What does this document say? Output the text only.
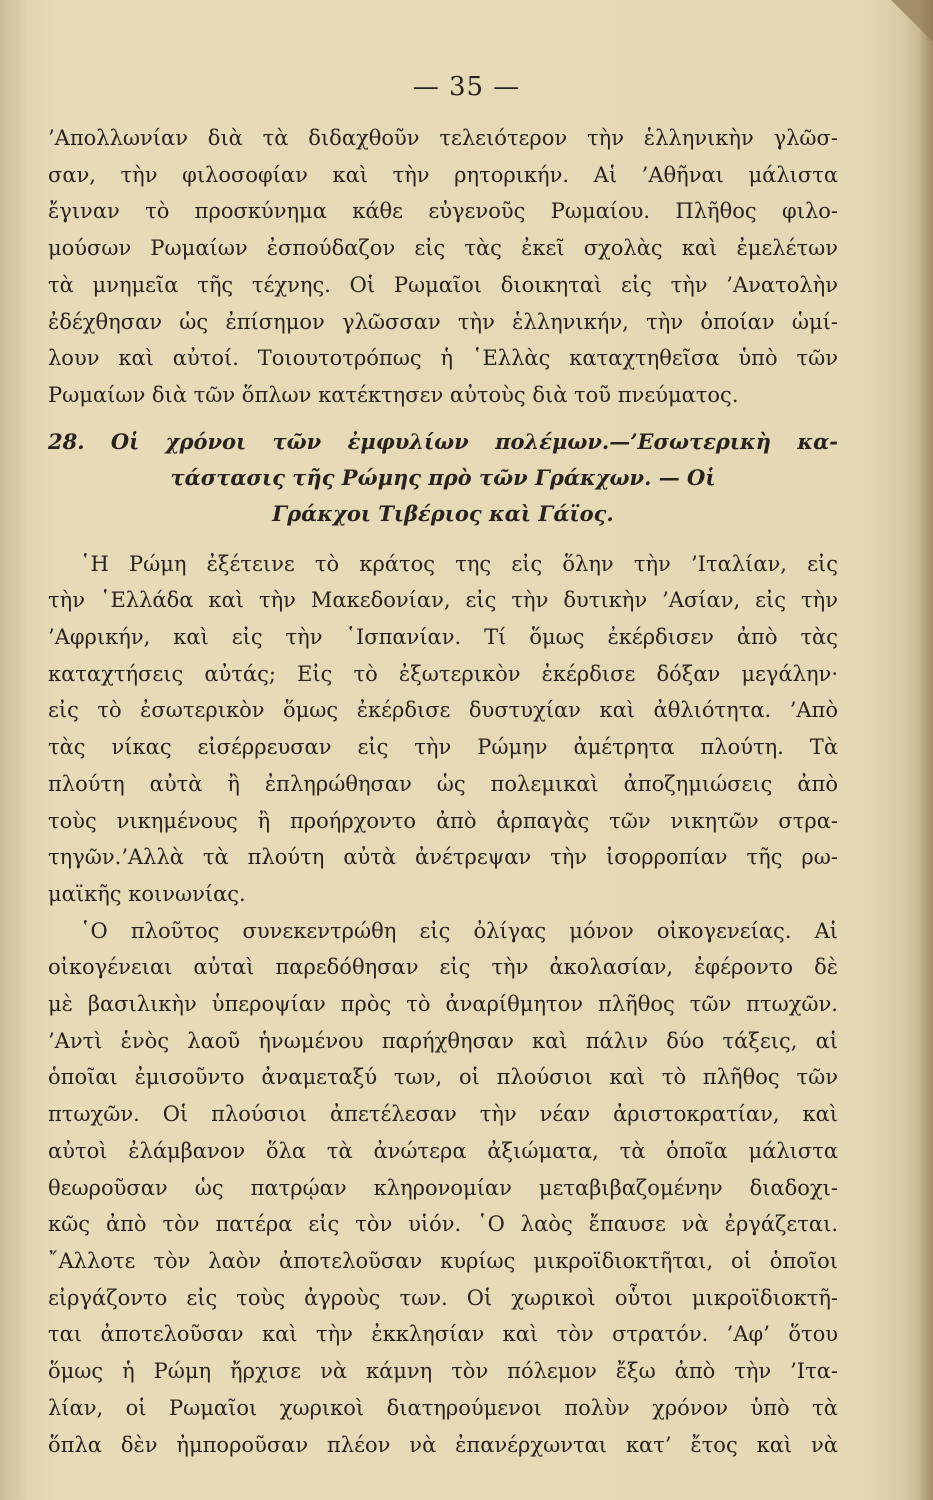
— 35 —
’Απολλωνίαν διὰ τὰ διδαχθοῦν τελειότερον τὴν ἑλληνικὴν γλῶσ-
σαν, τὴν φιλοσοφίαν καὶ τὴν ρητορικήν. Αἱ ’Αθῆναι μάλιστα
ἔγιναν τὸ προσκύνημα κάθε εὐγενοῦς Ρωμαίου. Πλῆθος φιλο-
μούσων Ρωμαίων ἐσπούδαζον εἰς τὰς ἐκεῖ σχολὰς καὶ ἐμελέτων
τὰ μνημεῖα τῆς τέχνης. Οἱ Ρωμαῖοι διοικηταὶ εἰς τὴν ’Ανατολὴν
ἐδέχθησαν ὡς ἐπίσημον γλῶσσαν τὴν ἑλληνικήν, τὴν ὁποίαν ὡμί-
λουν καὶ αὐτοί. Τοιουτοτρόπως ἡ ῾Ελλὰς καταχτηθεῖσα ὑπὸ τῶν
Ρωμαίων διὰ τῶν ὅπλων κατέκτησεν αὐτοὺς διὰ τοῦ πνεύματος.
28. Οἱ χρόνοι τῶν ἐμφυλίων πολέμων.—’Εσωτερικὴ κα-
τάστασις τῆς Ρώμης πρὸ τῶν Γράκχων. — Οἱ
Γράκχοι Τιβέριος καὶ Γάϊος.
῾Η Ρώμη ἐξέτεινε τὸ κράτος της εἰς ὅλην τὴν ’Ιταλίαν, εἰς
τὴν ῾Ελλάδα καὶ τὴν Μακεδονίαν, εἰς τὴν δυτικὴν ’Ασίαν, εἰς τὴν
’Αφρικήν, καὶ εἰς τὴν ῾Ισπανίαν. Τί ὅμως ἐκέρδισεν ἀπὸ τὰς
καταχτήσεις αὐτάς; Εἰς τὸ ἐξωτερικὸν ἐκέρδισε δόξαν μεγάλην·
εἰς τὸ ἐσωτερικὸν ὅμως ἐκέρδισε δυστυχίαν καὶ ἀθλιότητα. ’Απὸ
τὰς νίκας εἰσέρρευσαν εἰς τὴν Ρώμην ἀμέτρητα πλούτη. Τὰ
πλούτη αὐτὰ ἢ ἐπληρώθησαν ὡς πολεμικαὶ ἀποζημιώσεις ἀπὸ
τοὺς νικημένους ἢ προήρχοντο ἀπὸ ἁρπαγὰς τῶν νικητῶν στρα-
τηγῶν.’Αλλὰ τὰ πλούτη αὐτὰ ἀνέτρεψαν τὴν ἰσορροπίαν τῆς ρω-
μαϊκῆς κοινωνίας.
῾Ο πλοῦτος συνεκεντρώθη εἰς ὀλίγας μόνον οἰκογενείας. Αἱ
οἰκογένειαι αὐταὶ παρεδόθησαν εἰς τὴν ἀκολασίαν, ἐφέροντο δὲ
μὲ βασιλικὴν ὑπεροψίαν πρὸς τὸ ἀναρίθμητον πλῆθος τῶν πτωχῶν.
’Αντὶ ἑνὸς λαοῦ ἡνωμένου παρήχθησαν καὶ πάλιν δύο τάξεις, αἱ
ὁποῖαι ἐμισοῦντο ἀναμεταξύ των, οἱ πλούσιοι καὶ τὸ πλῆθος τῶν
πτωχῶν. Οἱ πλούσιοι ἀπετέλεσαν τὴν νέαν ἀριστοκρατίαν, καὶ
αὐτοὶ ἐλάμβανον ὅλα τὰ ἀνώτερα ἀξιώματα, τὰ ὁποῖα μάλιστα
θεωροῦσαν ὡς πατρῴαν κληρονομίαν μεταβιβαζομένην διαδοχι-
κῶς ἀπὸ τὸν πατέρα εἰς τὸν υἱόν. ῾Ο λαὸς ἔπαυσε νὰ ἐργάζεται.
῎Αλλοτε τὸν λαὸν ἀποτελοῦσαν κυρίως μικροϊδιοκτῆται, οἱ ὁποῖοι
εἰργάζοντο εἰς τοὺς ἀγροὺς των. Οἱ χωρικοὶ οὗτοι μικροϊδιοκτῆ-
ται ἀποτελοῦσαν καὶ τὴν ἐκκλησίαν καὶ τὸν στρατόν. ’Αφ’ ὅτου
ὅμως ἡ Ρώμη ἤρχισε νὰ κάμνη τὸν πόλεμον ἔξω ἀπὸ τὴν ’Ιτα-
λίαν, οἱ Ρωμαῖοι χωρικοὶ διατηρούμενοι πολὺν χρόνον ὑπὸ τὰ
ὅπλα δὲν ἠμποροῦσαν πλέον νὰ ἐπανέρχωνται κατ’ ἔτος καὶ νὰ
